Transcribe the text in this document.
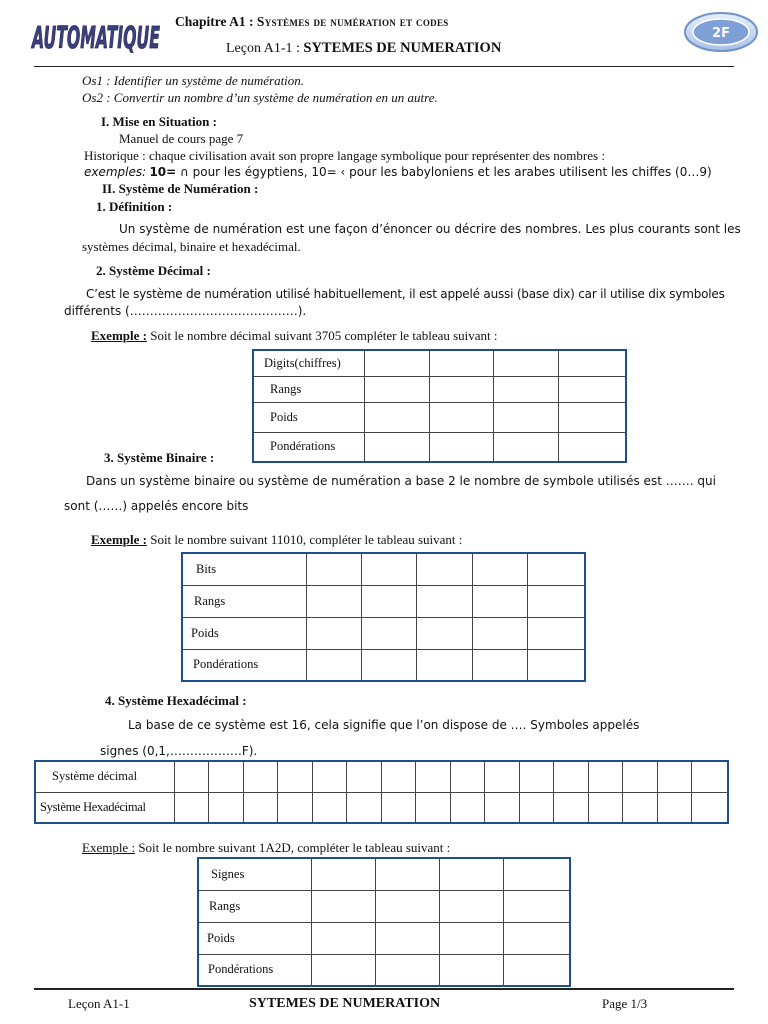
AUTOMATIQUE Chapitre A1 : Systèmes de numération et codes
Leçon A1-1 : SYTEMES DE NUMERATION
2F
Os1 : Identifier un système de numération.
Os2 : Convertir un nombre d’un système de numération en un autre.
I. Mise en Situation :
Manuel de cours page 7
Historique : chaque civilisation avait son propre langage symbolique pour représenter des nombres :
exemples: 10= ∩ pour les égyptiens, 10= ‹ pour les babyloniens et les arabes utilisent les chiffes (0…9)
II. Système de Numération :
1. Définition :
Un système de numération est une façon d’énoncer ou décrire des nombres. Les plus courants sont les
systèmes décimal, binaire et hexadécimal.
2. Système Décimal :
C’est le système de numération utilisé habituellement, il est appelé aussi (base dix) car il utilise dix symboles
différents (……………………………………).
Exemple : Soit le nombre décimal suivant 3705 compléter le tableau suivant :
Digits(chiffres)				
Rangs				
Poids				
Pondérations				
3. Système Binaire :
Dans un système binaire ou système de numération a base 2 le nombre de symbole utilisés est ……. qui
sont (……) appelés encore bits
Exemple : Soit le nombre suivant 11010, compléter le tableau suivant :
Bits					
Rangs					
Poids					
Pondérations					
4. Système Hexadécimal :
La base de ce système est 16, cela signifie que l’on dispose de …. Symboles appelés
signes (0,1,………………F).
Système décimal																
Système Hexadécimal																
Exemple : Soit le nombre suivant 1A2D, compléter le tableau suivant :
Signes				
Rangs				
Poids				
Pondérations				
Leçon A1-1	SYTEMES DE NUMERATION	Page 1/3
